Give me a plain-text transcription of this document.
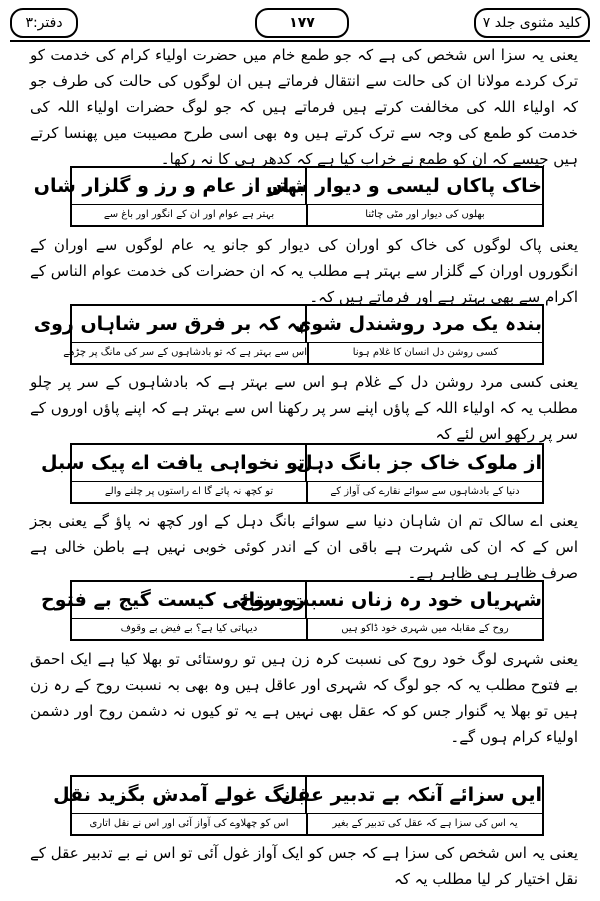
کلید مثنوی جلد ۷
۱۷۷
دفتر:۳

یعنی یہ سزا اس شخص کی ہے کہ جو طمع خام میں حضرت اولیاء کرام کی خدمت کو ترک کردے مولانا ان کی حالت سے انتقال فرماتے ہیں ان لوگوں کی حالت کی طرف جو کہ اولیاء اللہ کی مخالفت کرتے ہیں فرماتے ہیں کہ جو لوگ حضرات اولیاء اللہ کی خدمت کو طمع کی وجہ سے ترک کرتے ہیں وہ بھی اسی طرح مصیبت میں پھنسا کرتے ہیں جیسے کہ ان کو طمع نے خراب کیا ہے کہ کدھر ہی کا نہ رکھا۔

خاک پاکاں لیسی و دیوار شاں
بہتر از عام و رز و گلزار شاں
بھلوں کی دیوار اور مٹی چاٹنا
بہتر ہے عوام اور ان کے انگور اور باغ سے

یعنی پاک لوگوں کی خاک کو اوران کی دیوار کو جانو یہ عام لوگوں سے اوران کے انگوروں اوران کے گلزار سے بہتر ہے مطلب یہ کہ ان حضرات کی خدمت عوام الناس کے اکرام سے بھی بہتر ہے اور فرماتے ہیں کہ۔

بندہ یک مرد روشندل شوی
بہ کہ بر فرق سر شاہاں روی
کسی روشن دل انسان کا غلام ہونا
اس سے بہتر ہے کہ تو بادشاہوں کے سر کی مانگ پر چڑھے

یعنی کسی مرد روشن دل کے غلام ہو اس سے بہتر ہے کہ بادشاہوں کے سر پر چلو مطلب یہ کہ اولیاء اللہ کے پاؤں اپنے سر پر رکھنا اس سے بہتر ہے کہ اپنے پاؤں اوروں کے سر پر رکھو اس لئے کہ

از ملوک خاک جز بانگ دہل
تو نخواہی یافت اے پیک سبل
دنیا کے بادشاہوں سے سوائے نقارے کی آواز کے
تو کچھ نہ پائے گا اے راستوں پر چلنے والے

یعنی اے سالک تم ان شاہان دنیا سے سوائے بانگ دہل کے اور کچھ نہ پاؤ گے یعنی بجز اس کے کہ ان کی شہرت ہے باقی ان کے اندر کوئی خوبی نہیں ہے باطن خالی ہے صرف ظاہر ہی ظاہر ہے۔

شہریاں خود رہ زناں نسبت بروح
روستائی کیست گیج بے فتوح
روح کے مقابلہ میں شہری خود ڈاکو ہیں
دیہاتی کیا ہے؟ بے فیض بے وقوف

یعنی شہری لوگ خود روح کی نسبت کرہ زن ہیں تو روستائی تو بھلا کیا ہے ایک احمق بے فتوح مطلب یہ کہ جو لوگ کہ شہری اور عاقل ہیں وہ بھی بہ نسبت روح کے رہ زن ہیں تو بھلا یہ گنوار جس کو کہ عقل بھی نہیں ہے یہ تو کیوں نہ دشمن روح اور دشمن اولیاء کرام ہوں گے۔

ایں سزائے آنکہ بے تدبیر عقل
بانگ غولے آمدش بگزید نقل
یہ اس کی سزا ہے کہ عقل کی تدبیر کے بغیر
اس کو چھلاوے کی آواز آئی اور اس نے نقل اتاری

یعنی یہ اس شخص کی سزا ہے کہ جس کو ایک آواز غول آئی تو اس نے بے تدبیر عقل کے نقل اختیار کر لیا مطلب یہ کہ
